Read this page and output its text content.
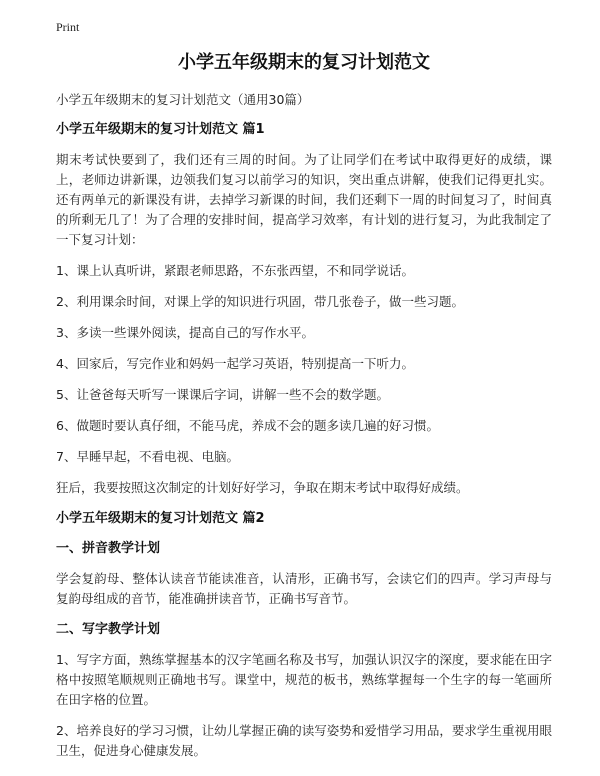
Print
小学五年级期末的复习计划范文
小学五年级期末的复习计划范文（通用30篇）
小学五年级期末的复习计划范文 篇1
期末考试快要到了，我们还有三周的时间。为了让同学们在考试中取得更好的成绩，课上，老师边讲新课，边领我们复习以前学习的知识，突出重点讲解，使我们记得更扎实。还有两单元的新课没有讲，去掉学习新课的时间，我们还剩下一周的时间复习了，时间真的所剩无几了！为了合理的安排时间，提高学习效率，有计划的进行复习，为此我制定了一下复习计划：
1、课上认真听讲，紧跟老师思路，不东张西望，不和同学说话。
2、利用课余时间，对课上学的知识进行巩固，带几张卷子，做一些习题。
3、多读一些课外阅读，提高自己的写作水平。
4、回家后，写完作业和妈妈一起学习英语，特别提高一下听力。
5、让爸爸每天听写一课课后字词，讲解一些不会的数学题。
6、做题时要认真仔细，不能马虎，养成不会的题多读几遍的好习惯。
7、早睡早起，不看电视、电脑。
狂后，我要按照这次制定的计划好好学习，争取在期末考试中取得好成绩。
小学五年级期末的复习计划范文 篇2
一、拼音教学计划
学会复韵母、整体认读音节能读准音，认清形，正确书写，会读它们的四声。学习声母与复韵母组成的音节，能准确拼读音节，正确书写音节。
二、写字教学计划
1、写字方面，熟练掌握基本的汉字笔画名称及书写，加强认识汉字的深度，要求能在田字格中按照笔顺规则正确地书写。课堂中，规范的板书，熟练掌握每一个生字的每一笔画所在田字格的位置。
2、培养良好的学习习惯，让幼儿掌握正确的读写姿势和爱惜学习用品，要求学生重视用眼卫生，促进身心健康发展。
